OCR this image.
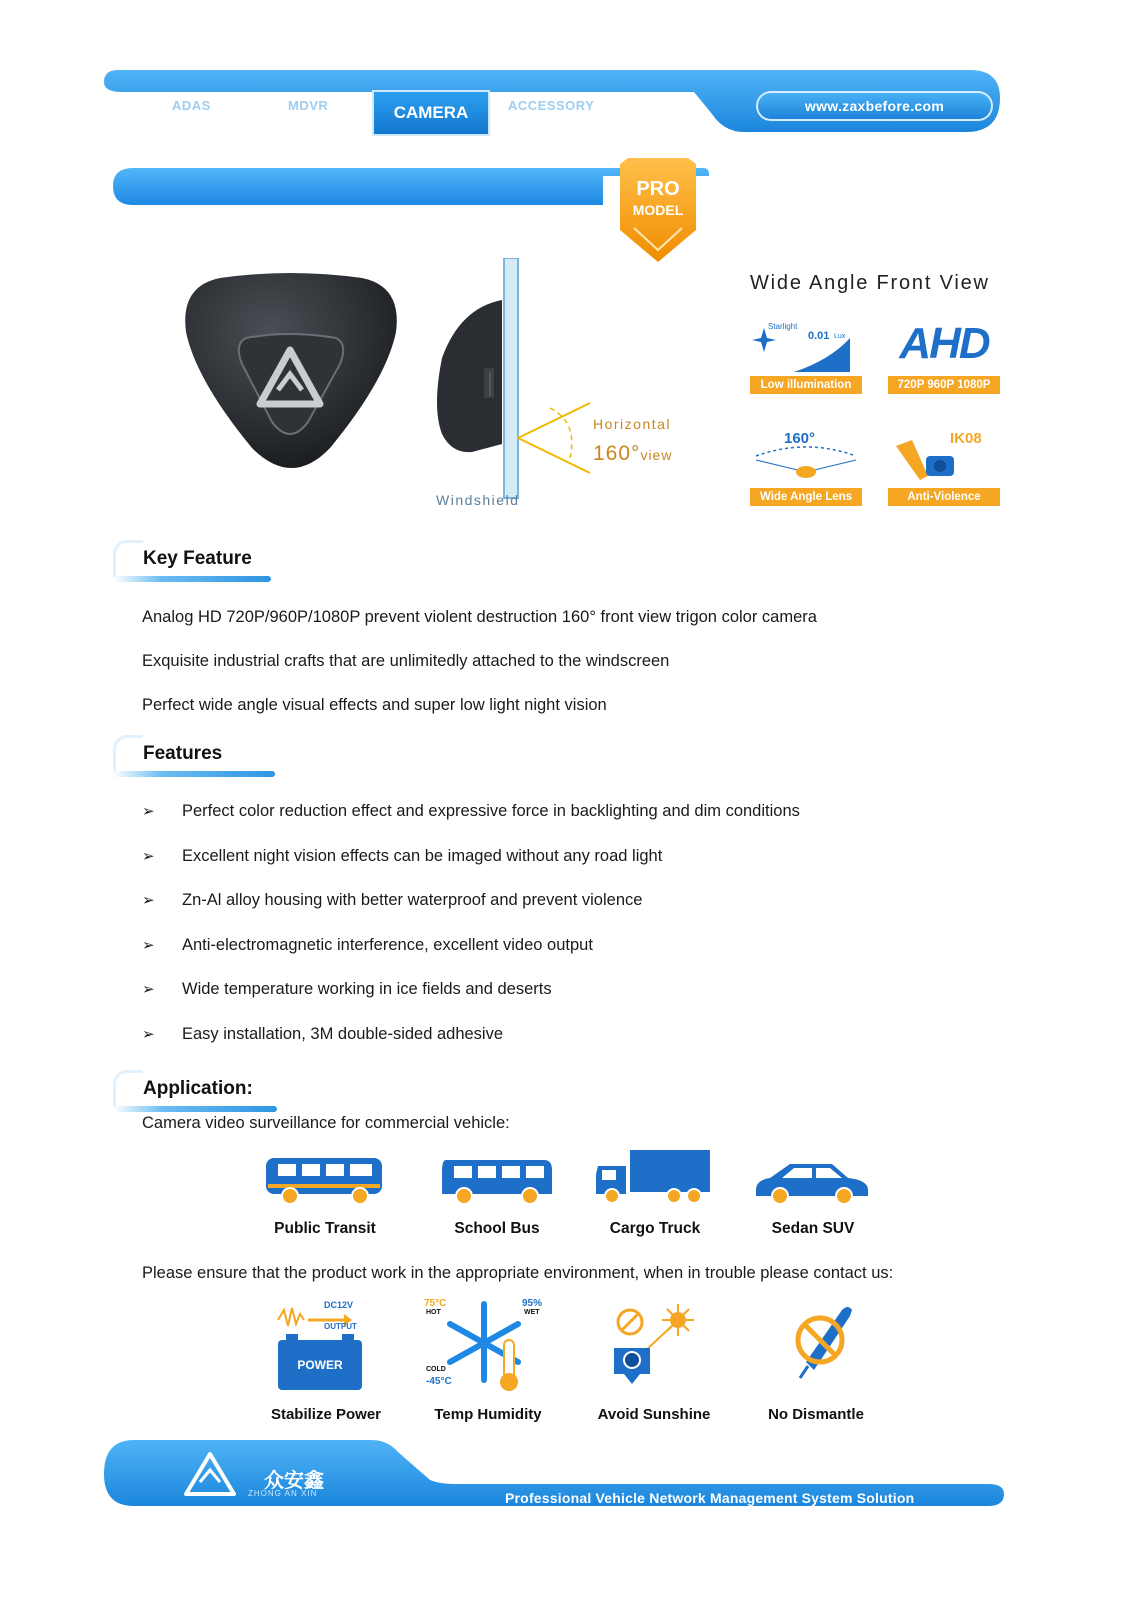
ADAS	MDVR	CAMERA	ACCESSORY	www.zaxbefore.com
PRO
MODEL
Horizontal
160°view
Windshield
Wide Angle Front View
Starlight
0.01 Lux
Low illumination
AHD
720P 960P 1080P
160°
Wide Angle Lens
IK08
Anti-Violence
Key Feature
Analog HD 720P/960P/1080P prevent violent destruction 160° front view trigon color camera
Exquisite industrial crafts that are unlimitedly attached to the windscreen
Perfect wide angle visual effects and super low light night vision
Features
➢ Perfect color reduction effect and expressive force in backlighting and dim conditions
➢ Excellent night vision effects can be imaged without any road light
➢ Zn-Al alloy housing with better waterproof and prevent violence
➢ Anti-electromagnetic interference, excellent video output
➢ Wide temperature working in ice fields and deserts
➢ Easy installation, 3M double-sided adhesive
Application:
Camera video surveillance for commercial vehicle:
Public Transit	School Bus	Cargo Truck	Sedan SUV
Please ensure that the product work in the appropriate environment, when in trouble please contact us:
DC12V
OUTPUT
POWER
Stabilize Power
75°C
HOT
95%
WET
COLD
-45°C
Temp Humidity	Avoid Sunshine	No Dismantle
众安鑫
ZHONG AN XIN	Professional Vehicle Network Management System Solution
